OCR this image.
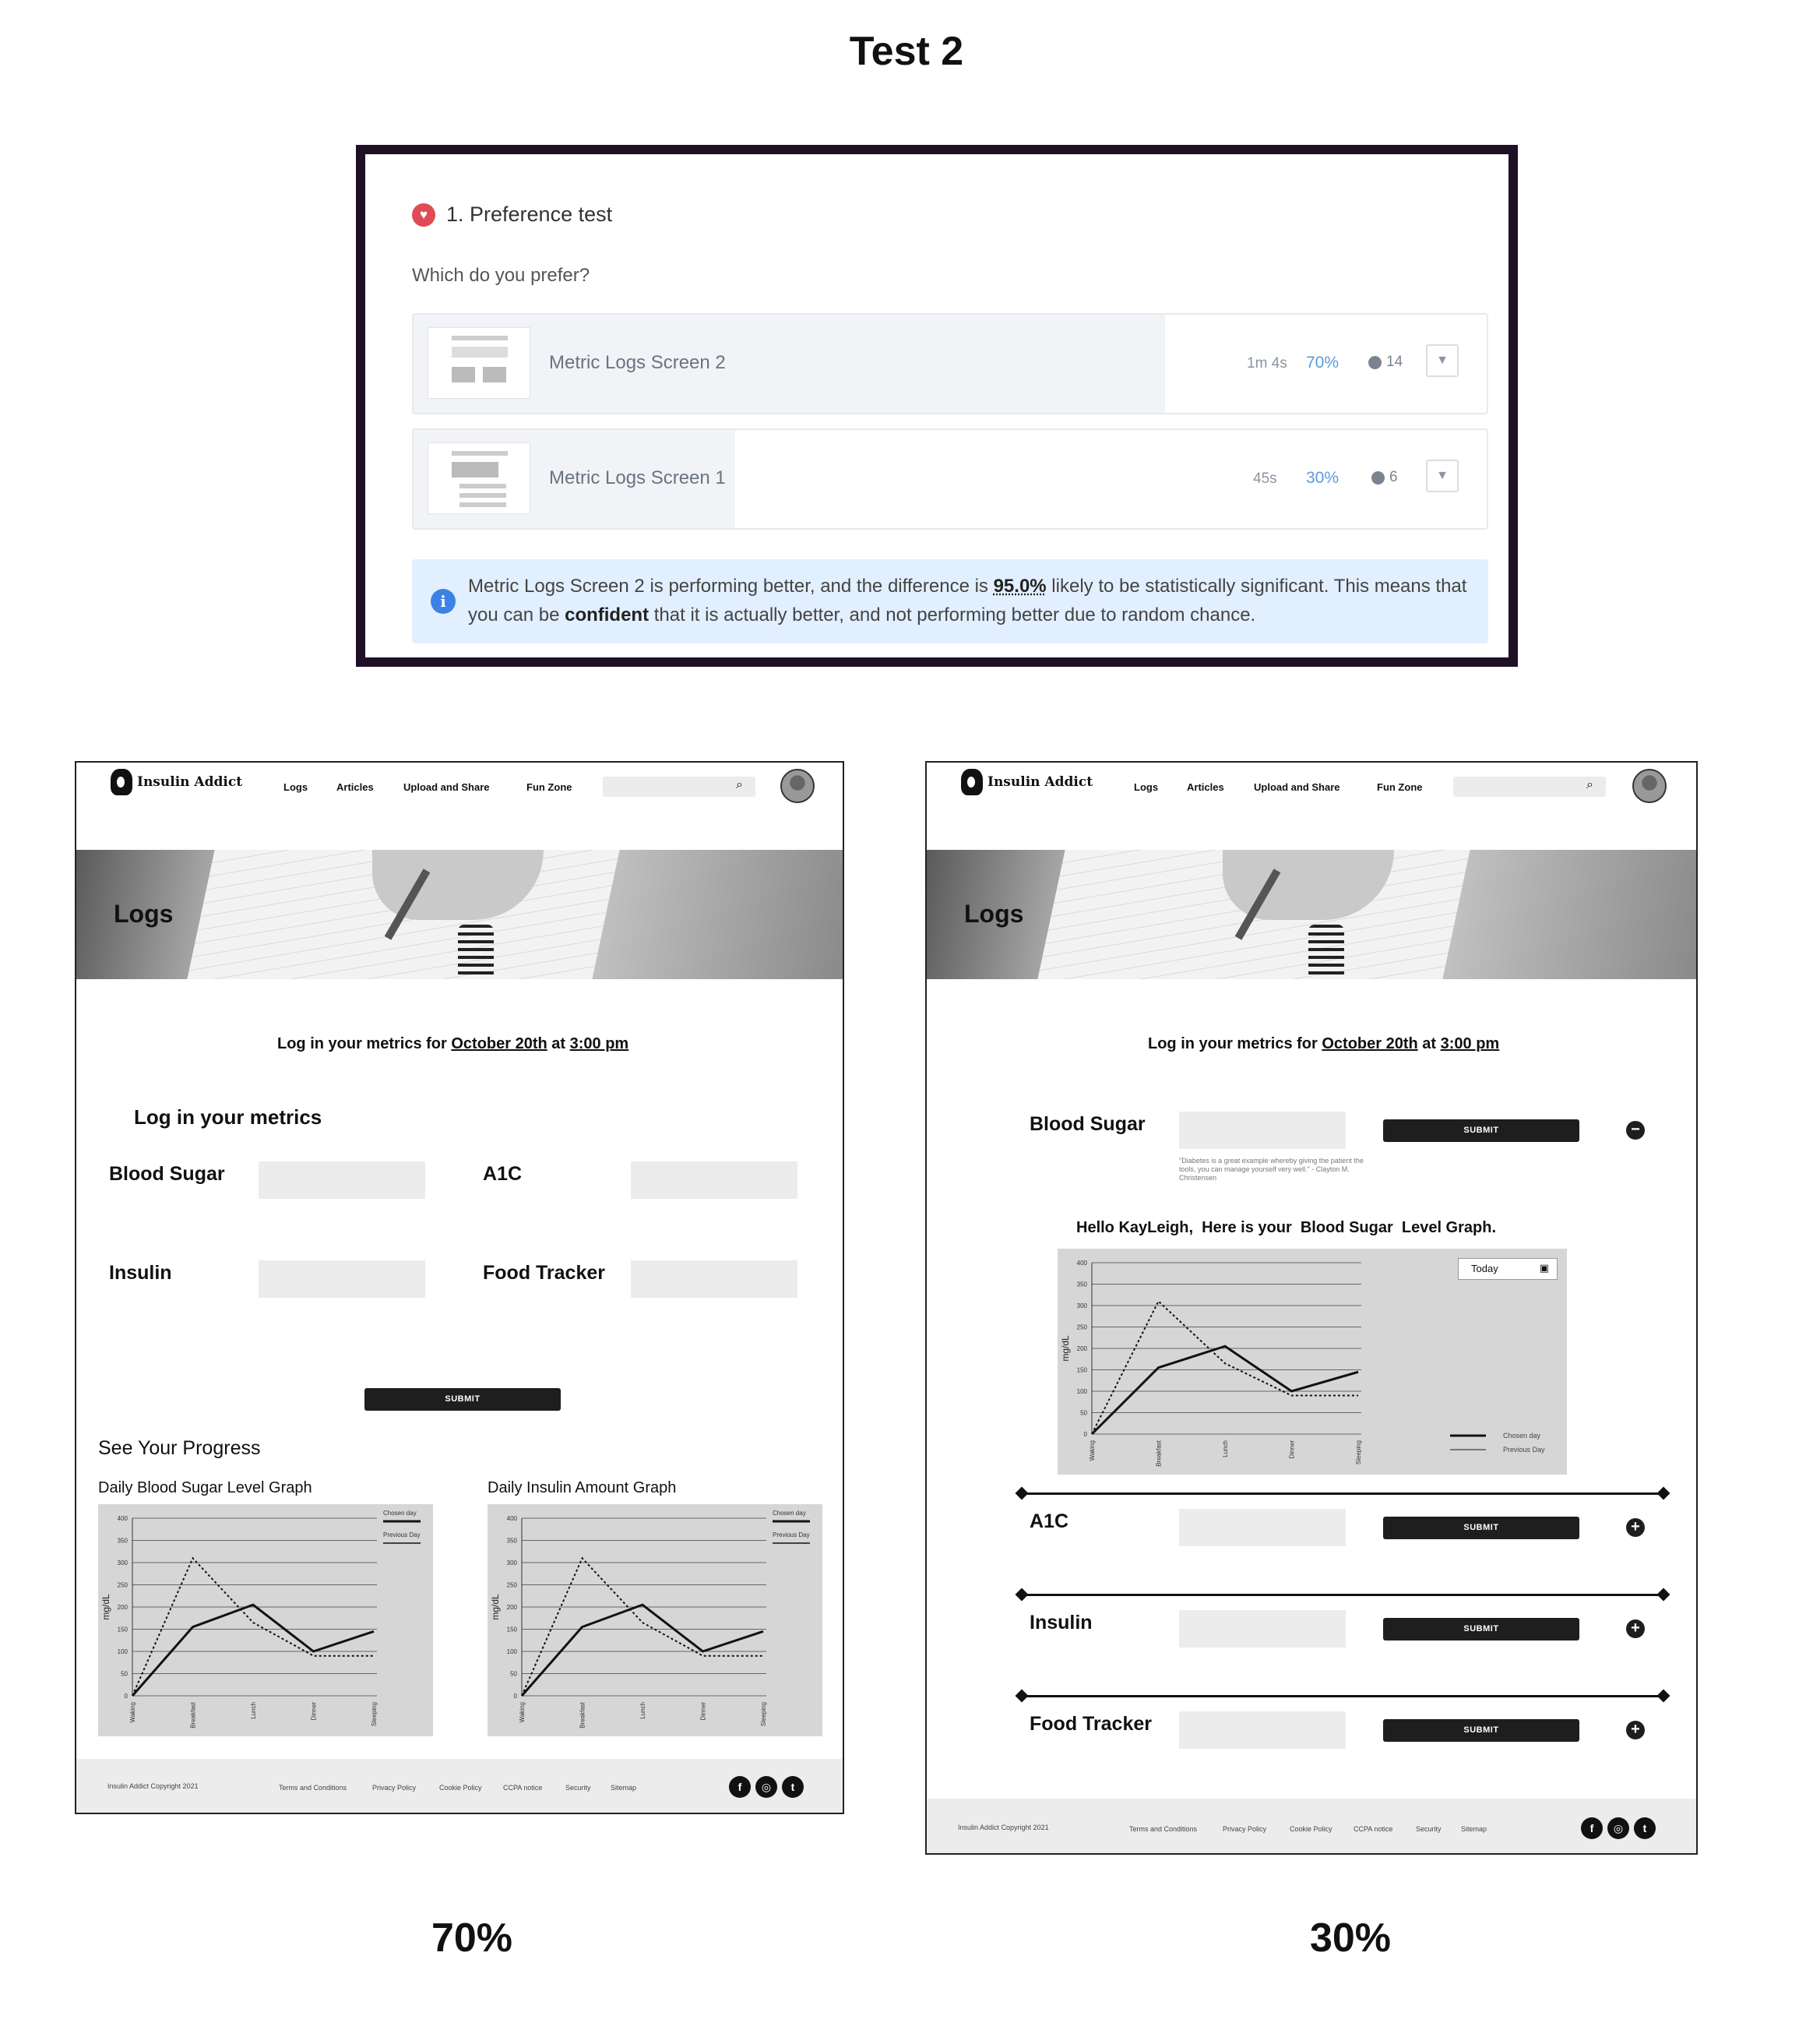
Test 2
♥ 1. Preference test
Which do you prefer?
Metric Logs Screen 2	1m 4s 70%	14	▼
Metric Logs Screen 1	45s 30%	6	▼
i
Metric Logs Screen 2 is performing better, and the difference is 95.0% likely to be statistically significant. This means that you can be confident that it is actually better, and not performing better due to random chance.
Insulin Addict	Logs	Articles	Upload and Share	Fun Zone	⌕
Logs
Log in your metrics for October 20th at 3:00 pm
Log in your metrics
Blood Sugar	A1C
Insulin	Food Tracker
SUBMIT
See Your Progress
Daily Blood Sugar Level Graph	Daily Insulin Amount Graph
0
50
100
150
200
250
300
350
400
mg/dL
Waking	Breakfast	Lunch	Dinner	Sleeping
Chosen day
Previous Day
0
50
100
150
200
250
300
350
400
mg/dL
Waking	Breakfast	Lunch	Dinner	Sleeping
Chosen day
Previous Day
Insulin Addict Copyright 2021	Terms and Conditions	Privacy Policy	Cookie Policy	CCPA notice	Security	Sitemap	f	◎	t
Insulin Addict	Logs	Articles	Upload and Share	Fun Zone	⌕
Logs
Log in your metrics for October 20th at 3:00 pm
Blood Sugar	SUBMIT	−
"Diabetes is a great example whereby giving the patient the tools, you can manage yourself very well." - Clayton M. Christensen
Hello KayLeigh,  Here is your  Blood Sugar  Level Graph.
0
50
100
150
200
250
300
350
400
mg/dL
Waking	Breakfast	Lunch	Dinner	Sleeping
Today	▣
Chosen day
Previous Day
A1C	SUBMIT	+
Insulin	SUBMIT	+
Food Tracker	SUBMIT	+
Insulin Addict Copyright 2021	Terms and Conditions	Privacy Policy	Cookie Policy	CCPA notice	Security	Sitemap	f	◎	t
70%	30%
